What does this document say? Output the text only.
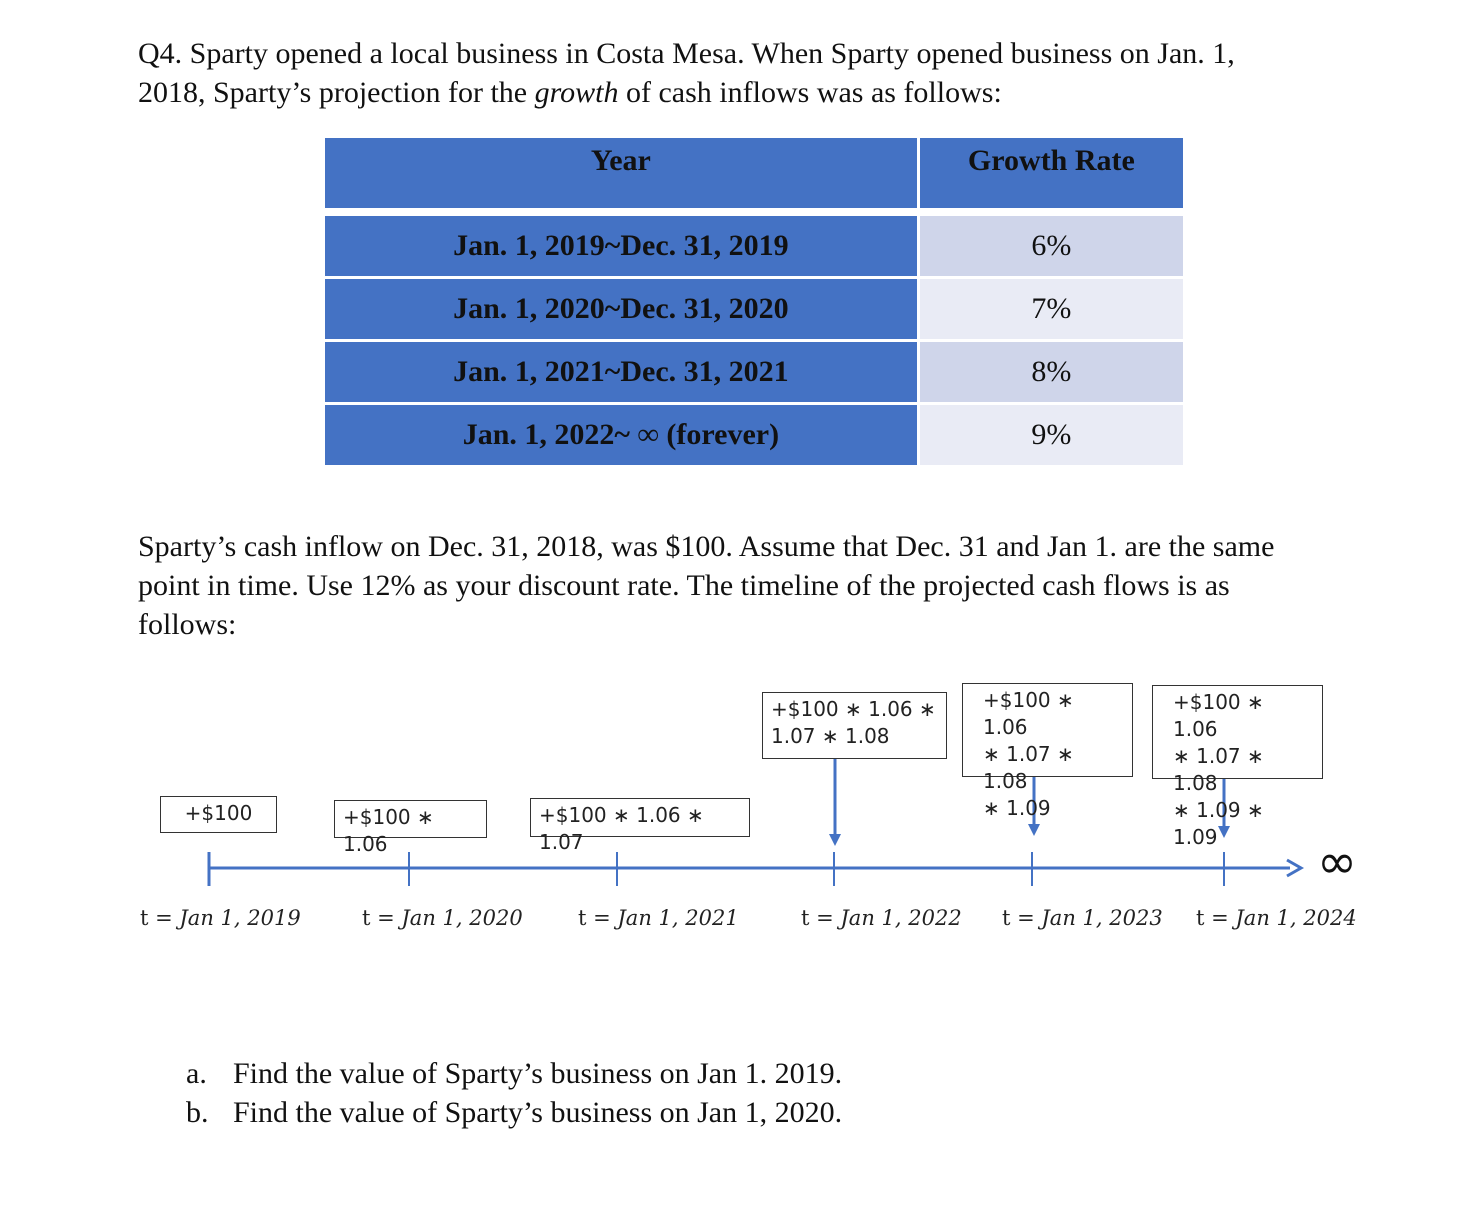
Q4. Sparty opened a local business in Costa Mesa. When Sparty opened business on Jan. 1,
2018, Sparty’s projection for the growth of cash inflows was as follows:

Year	Growth Rate
Jan. 1, 2019~Dec. 31, 2019	6%
Jan. 1, 2020~Dec. 31, 2020	7%
Jan. 1, 2021~Dec. 31, 2021	8%
Jan. 1, 2022~ ∞ (forever)	9%

Sparty’s cash inflow on Dec. 31, 2018, was $100. Assume that Dec. 31 and Jan 1. are the same
point in time. Use 12% as your discount rate. The timeline of the projected cash flows is as
follows:

+$100	+$100 ∗ 1.06
+$100 ∗ 1.06 ∗ 1.07
+$100 ∗ 1.06 ∗
1.07 ∗ 1.08
+$100 ∗ 1.06
∗ 1.07 ∗ 1.08
∗ 1.09
+$100 ∗ 1.06
∗ 1.07 ∗ 1.08
∗ 1.09 ∗ 1.09	∞
t = Jan 1, 2019	t = Jan 1, 2020	t = Jan 1, 2021	t = Jan 1, 2022 t = Jan 1, 2023 t = Jan 1, 2024
a. Find the value of Sparty’s business on Jan 1. 2019.
b. Find the value of Sparty’s business on Jan 1, 2020.
